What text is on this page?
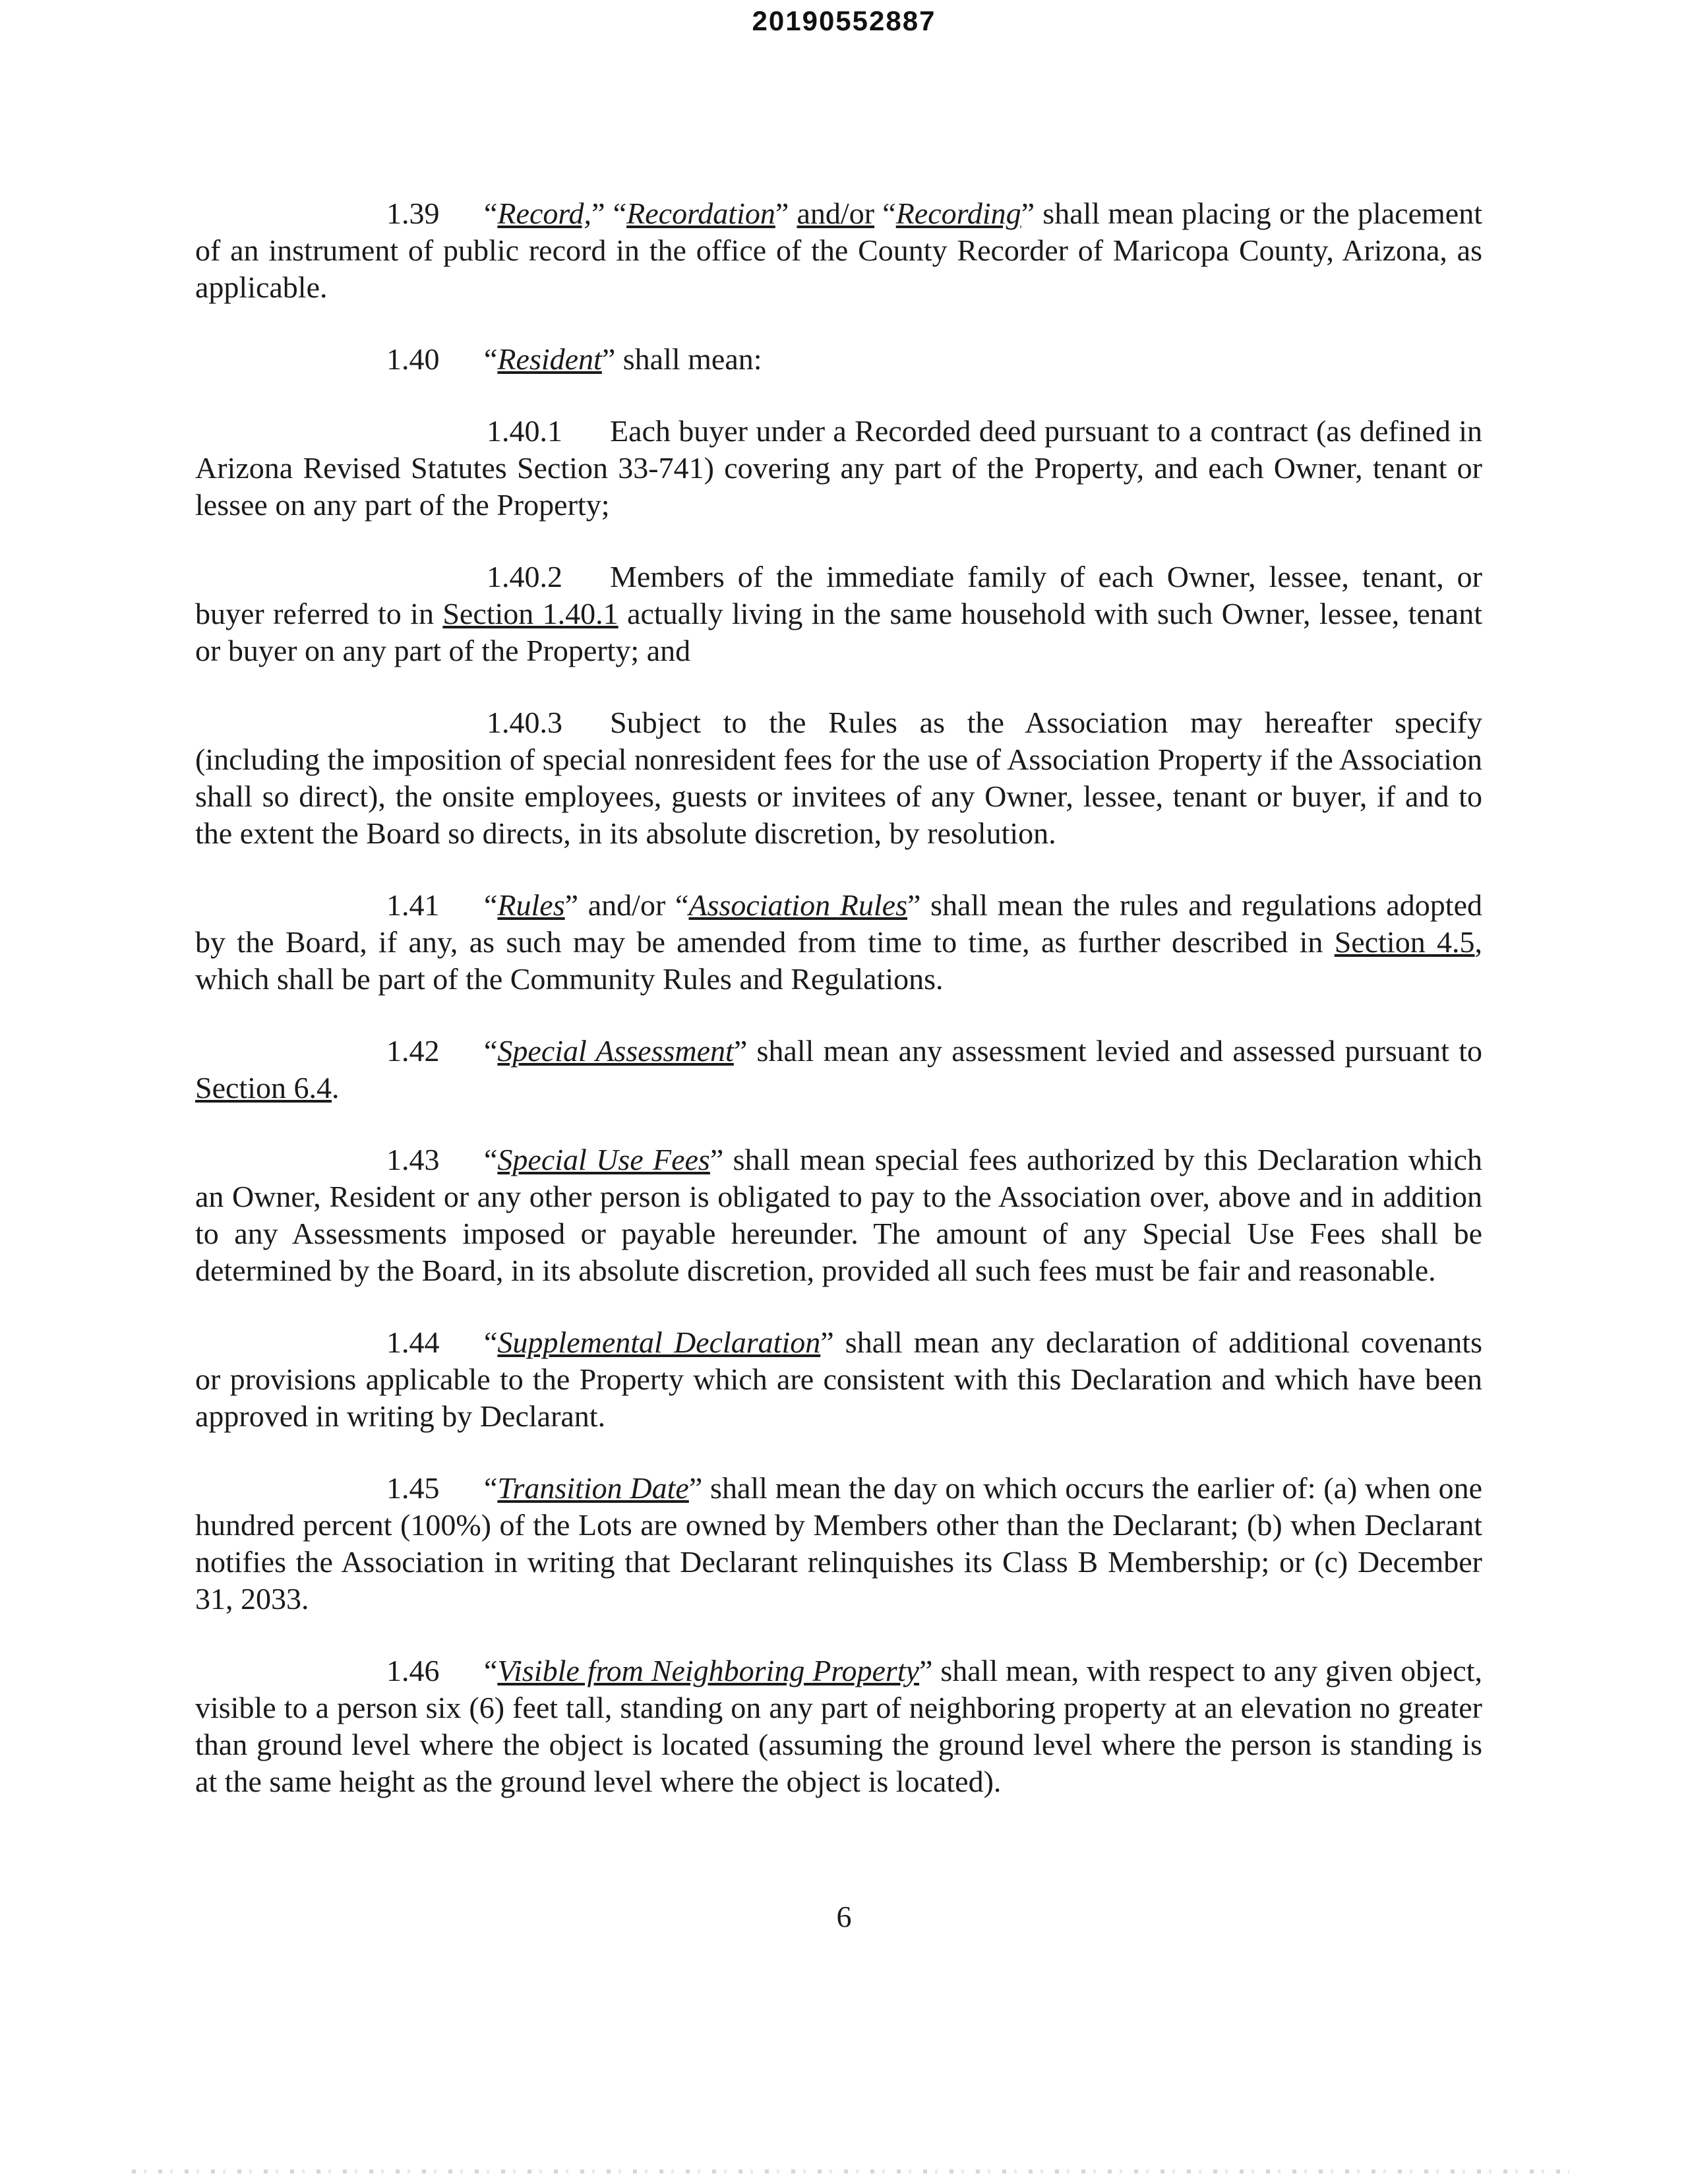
20190552887

1.39 “Record,” “Recordation” and/or “Recording” shall mean placing or the placement of an instrument of public record in the office of the County Recorder of Maricopa County, Arizona, as applicable.

1.40 “Resident” shall mean:

1.40.1 Each buyer under a Recorded deed pursuant to a contract (as defined in Arizona Revised Statutes Section 33-741) covering any part of the Property, and each Owner, tenant or lessee on any part of the Property;

1.40.2 Members of the immediate family of each Owner, lessee, tenant, or buyer referred to in Section 1.40.1 actually living in the same household with such Owner, lessee, tenant or buyer on any part of the Property; and

1.40.3 Subject to the Rules as the Association may hereafter specify (including the imposition of special nonresident fees for the use of Association Property if the Association shall so direct), the onsite employees, guests or invitees of any Owner, lessee, tenant or buyer, if and to the extent the Board so directs, in its absolute discretion, by resolution.

1.41 “Rules” and/or “Association Rules” shall mean the rules and regulations adopted by the Board, if any, as such may be amended from time to time, as further described in Section 4.5, which shall be part of the Community Rules and Regulations.

1.42 “Special Assessment” shall mean any assessment levied and assessed pursuant to Section 6.4.

1.43 “Special Use Fees” shall mean special fees authorized by this Declaration which an Owner, Resident or any other person is obligated to pay to the Association over, above and in addition to any Assessments imposed or payable hereunder. The amount of any Special Use Fees shall be determined by the Board, in its absolute discretion, provided all such fees must be fair and reasonable.

1.44 “Supplemental Declaration” shall mean any declaration of additional covenants or provisions applicable to the Property which are consistent with this Declaration and which have been approved in writing by Declarant.

1.45 “Transition Date” shall mean the day on which occurs the earlier of: (a) when one hundred percent (100%) of the Lots are owned by Members other than the Declarant; (b) when Declarant notifies the Association in writing that Declarant relinquishes its Class B Membership; or (c) December 31, 2033.

1.46 “Visible from Neighboring Property” shall mean, with respect to any given object, visible to a person six (6) feet tall, standing on any part of neighboring property at an elevation no greater than ground level where the object is located (assuming the ground level where the person is standing is at the same height as the ground level where the object is located).

6
